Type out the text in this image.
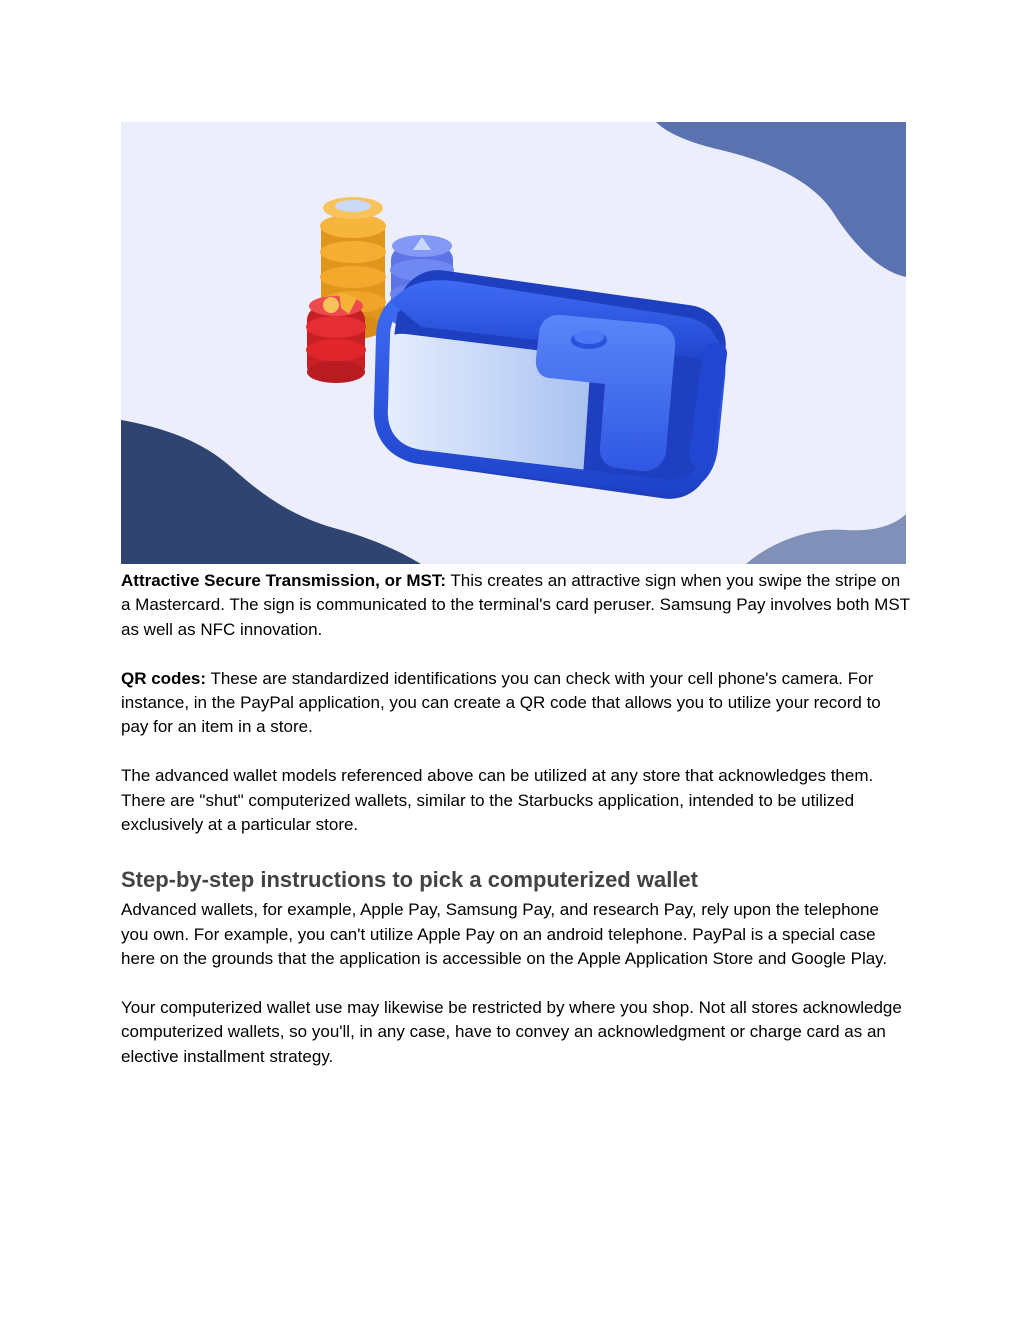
Attractive Secure Transmission, or MST: This creates an attractive sign when you swipe the stripe on a Mastercard. The sign is communicated to the terminal's card peruser. Samsung Pay involves both MST as well as NFC innovation.

QR codes: These are standardized identifications you can check with your cell phone's camera. For instance, in the PayPal application, you can create a QR code that allows you to utilize your record to pay for an item in a store.

The advanced wallet models referenced above can be utilized at any store that acknowledges them. There are "shut" computerized wallets, similar to the Starbucks application, intended to be utilized exclusively at a particular store.

Step-by-step instructions to pick a computerized wallet

Advanced wallets, for example, Apple Pay, Samsung Pay, and research Pay, rely upon the telephone you own. For example, you can't utilize Apple Pay on an android telephone. PayPal is a special case here on the grounds that the application is accessible on the Apple Application Store and Google Play.

Your computerized wallet use may likewise be restricted by where you shop. Not all stores acknowledge computerized wallets, so you'll, in any case, have to convey an acknowledgment or charge card as an elective installment strategy.
